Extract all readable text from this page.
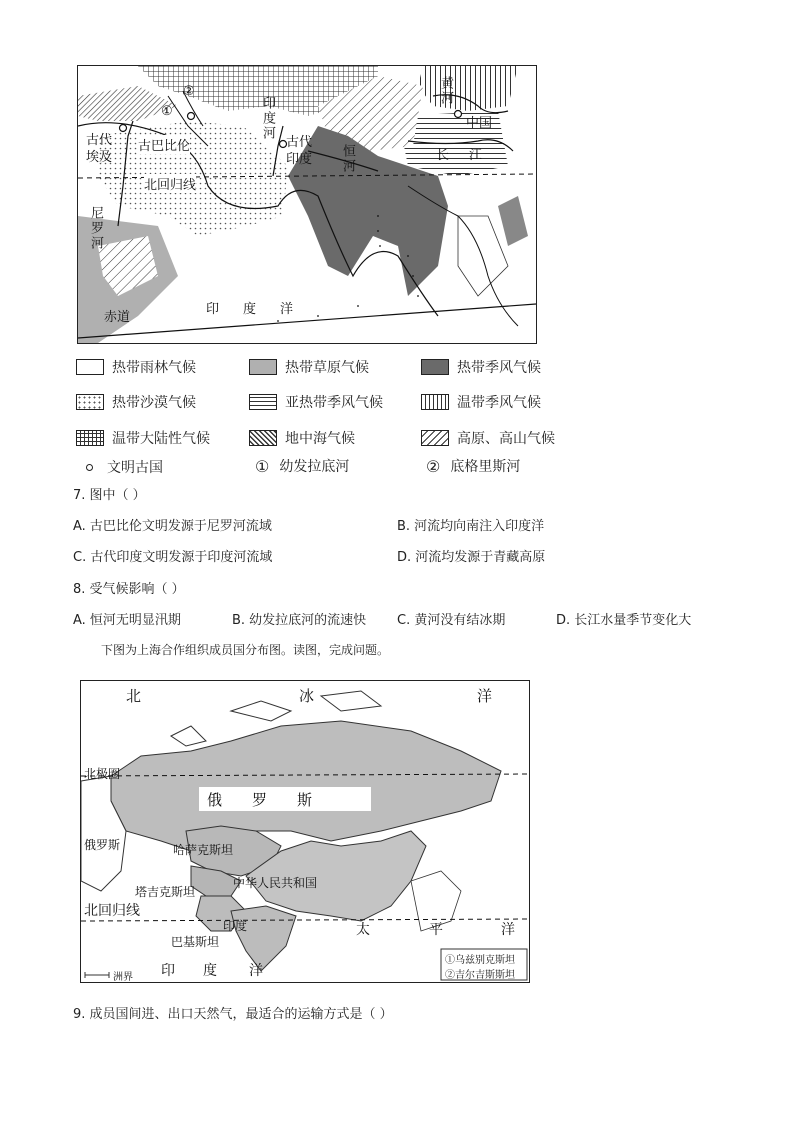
①
②
古代埃及
古巴比伦
北回归线
尼罗河
印度河
古代印度	恒河
黄河
中国
长江
赤道
印度洋
热带雨林气候	热带草原气候	热带季风气候
热带沙漠气候	亚热带季风气候	温带季风气候
温带大陆性气候	地中海气候	高原、高山气候
文明古国	① 幼发拉底河	② 底格里斯河
7. 图中（ ）
A. 古巴比伦文明发源于尼罗河流域	B. 河流均向南注入印度洋
C. 古代印度文明发源于印度河流域	D. 河流均发源于青藏高原
8. 受气候影响（ ）
A. 恒河无明显汛期	B. 幼发拉底河的流速快 C. 黄河没有结冰期	D. 长江水量季节变化大
下图为上海合作组织成员国分布图。读图，完成问题。
北	冰	洋
北极圈
俄　　罗　　斯
俄罗斯	哈萨克斯坦
塔吉克斯坦
中华人民共和国
北回归线
印度
巴基斯坦
太	平	洋
印 度 洋
洲界
①乌兹别克斯坦
②吉尔吉斯斯坦
9. 成员国间进、出口天然气，最适合的运输方式是（ ）
